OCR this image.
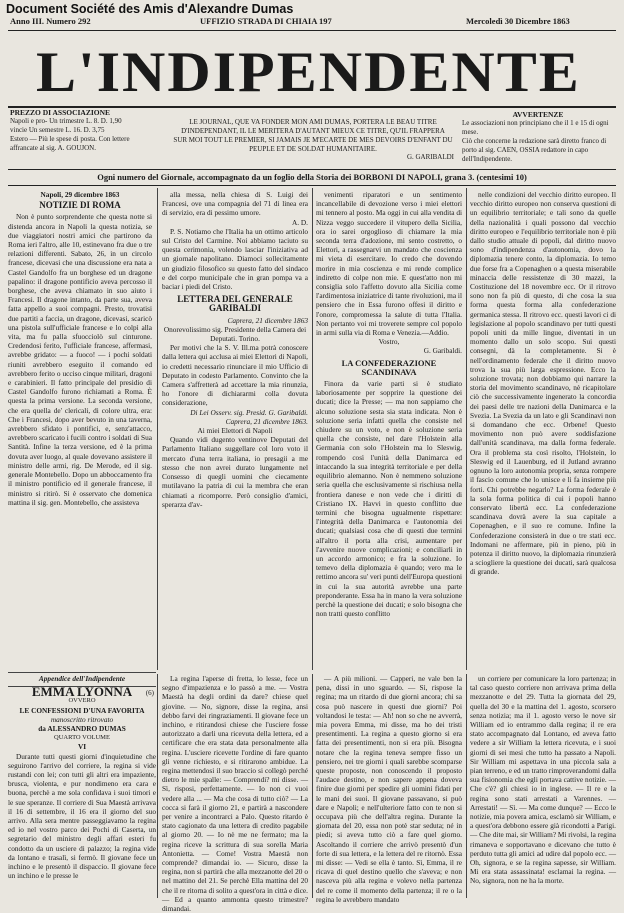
Document Société des Amis d'Alexandre Dumas
Anno III. Numero 292	UFFIZIO STRADA DI CHIAIA 197	Mercoledì 30 Dicembre 1863
L'INDIPENDENTE
PREZZO DI ASSOCIAZIONE
Napoli e pro- Un trimestre L. 8. D. 1,90
vincie Un semestre L. 16. D. 3,75
Estero — Più le spese di posta. Con lettere affrancate al sig. A. GOUJON.
LE JOURNAL, QUE VA FONDER MON AMI DUMAS, PORTERA LE BEAU TITRE
D'INDEPENDANT, IL LE MERITERA D'AUTANT MIEUX CE TITRE, QU'IL FRAPPERA
SUR MOI TOUT LE PREMIER, SI JAMAIS JE M'ECARTE DE MES DEVOIRS D'ENFANT DU PEUPLE ET DE SOLDAT HUMANITAIRE.
G. GARIBALDI
AVVERTENZE
Le associazioni non principiano che il 1 e 15 di ogni mese.
Ciò che concerne la redazione sarà diretto franco di porto al sig. CAEN, OSSIA redattore in capo dell'Indipendente.
Ogni numero del Giornale, accompagnato da un foglio della Storia dei BORBONI DI NAPOLI, grana 3. (centesimi 10)

Napoli, 29 dicembre 1863

NOTIZIE DI ROMA

Non è punto sorprendente che questa notte si distenda ancora in Napoli la questa notizia, se due viaggiatori nostri amici che partirono da Roma ieri l'altro, alle 10, estinevano fra due o tre relazioni differenti. Sabato, 26, in un circolo francese, dicevasi che una discussione era nata a Castel Gandolfo fra un borghese ed un dragone papalino: il dragone pontificio aveva percosso il borghese, che aveva chiamato in suo aiuto i Francesi. Il dragone intanto, da parte sua, aveva fatta appello a suoi compagni. Presto, trovatisi due partiti a faccia, un dragone, dicevasi, scaricò una pistola sull'ufficiale francese e lo colpì alla vita, ma fu palla sfuocciolò sul cinturone. Credendosi ferito, l'ufficiale francese, affermasi, avrebbe gridato: — a fuoco! — i pochi soldati riuniti avrebbero eseguito il comando ed avrebbero ferito o ucciso cinque militari, dragoni e carabinieri. Il fatto principale del presidio di Castel Gandolfo furono richiamati a Roma. È questa la prima versione. La seconda versione, che era quella de' clericali, di colore ultra, era: Che i Francesi, dopo aver bevuto in una taverna, avrebbero sfidato i pontifici, e, senz'attacco, avrebbero scaricato i fucili contro i soldati di Sua Santità. Infine la terza versione, ed è la prima dovuta aver luogo, al quale dovevano assistere il ministro delle armi, rig. De Merode, ed il sig. generale Montebello. Dopo un abboccamento fra il ministro pontificio ed il generale francese, il ministro si ritirò. Si è osservato che domenica mattina il sig. gen. Montebello, che assisteva

alla messa, nella chiesa di S. Luigi dei Francesi, ove una compagnia del 71 di linea era di servizio, era di pessimo umore.

A. D.

P. S. Notiamo che l'Italia ha un ottimo articolo sul Cristo del Carmine. Noi abbiamo taciuto su questa cerimonia, volendo lasciar l'iniziativa ad un giornale napolitano. Diamoci sollecitamente un giudizio filosofico su questo fatto del sindaco e del corpo municipale che in gran pompa va a baciar i piedi del Cristo.

LETTERA DEL GENERALE GARIBALDI

Caprera, 21 dicembre 1863

Onorevolissimo sig. Presidente della Camera dei Deputati. Torino.

Per motivi che la S. V. Ill.ma potrà conoscere dalla lettera qui acclusa ai miei Elettori di Napoli, io credetti necessario rinunciare il mio Ufficio di Deputato in codesto Parlamento. Convinto che la Camera s'affretterà ad accettare la mia rinunzia, ho l'onore di dichiararmi colla dovuta considerazione,

Di Lei Osserv. sig. Presid. G. Garibaldi.

Caprera, 21 dicembre 1863.

Ai miei Elettori di Napoli

Quando vidi dugento ventinove Deputati del Parlamento Italiano suggellare col loro voto il mercato d'una terra italiana, io presagii a me stesso che non avrei durato lungamente nel Consesso di quegli uomini che ciecamente mutilavano la patria di cui la membra che eran chiamati a ricomporre. Però consiglio d'amici, sperarza d'av-

venimenti riparatori e un sentimento incancellabile di devozione verso i miei elettori mi tennero al posto. Ma oggi in cui alla vendita di Nizza veggo succedere il vitupero della Sicilia, ora io sarei orgoglioso di chiamare la mia seconda terra d'adozione, mi sento costretto, o Elettori, a rassegnarvi un mandato che coscienza mi vieta di esercitare. Io credo che dovendo morire in mia coscienza e mi rende complice indiretto di colpe non mie. E quest'atto non mi consiglia solo l'affetto dovuto alla Sicilia come l'ardimentosa iniziatrice di tante rivoluzioni, ma il pensiero che in Essa furono offesi il diritto e l'onore, compromessa la salute di tutta l'Italia. Non pertanto voi mi troverete sempre col popolo in armi sulla via di Roma e Venezia.—Addio.

Vostro,

G. Garibaldi.

LA CONFEDERAZIONE SCANDINAVA

Finora da varie parti si è studiato laboriosamente per sopprire la questione dei ducati; dice la Presse; — ma non sappiamo che alcuno soluzione sesta sia stata indicata. Non è soluzione seria infatti quella che consiste nel chiudere su un voto, e non è soluzione seria quella che consiste, nel dare l'Holstein alla Germania con solo l'Holstein ma lo Sleswig, rompendo così l'unità della Danimarca ed intaccando la sua integrità territoriale e per della equilibrio alemanno. Non è nemmeno soluzione seria quella che esclusivamente si rischiusa nella frontiera danese e non vede che i diritti di Cristiano IX. Havvi in questo conflitto due termini che bisogna ugualmente rispettare: l'integrità della Danimarca e l'autonomia dei ducati; qualsiasi cosa che di questi due termini all'altro il porta alla crisi, aumentare per l'avvenire nuove complicazioni; e conciliarli in un accordo armonico; e fra la soluzione. Io temevo della diplomazia è quando; vero ma le rettimo ancora su' veri punti dell'Europa questioni in cui la sua autorità avrebbe una parte preponderante. Essa ha in mano la vera soluzione perchè la questione dei ducati; e solo bisogna che non tratti questo conflitto

nelle condizioni del vecchio diritto europeo. Il vecchio diritto europeo non conserva questioni di un equilibrio territoriale; e tali sono da quelle della nazionalità i quali possono dal vecchio diritto europeo e l'equilibrio territoriale non è più dallo studio attuale di popoli, dal diritto nuovo sono d'indipendenza d'autonomia, dovo la diplomazia tenere conto, la diplomazia. Io temo due forse fra a Copenaghen o a questa miserabile minaccia delle ressistenze di 30 mazzi, la Costituzione del 18 novembre ecc. Or il ritrovo sono non fa più di questo, di che cosa la sua forma questa forma alla confederazione germanica stessa. Il ritrovo ecc. questi lavori ci di legislazione al popolo scandinavo per tutti questi popoli uniti da mille lingue, diventati in un momento dallo un solo scopo. Sui questi consegni, dà la completamente. Si è nell'ordinamento federale che il diritto nuovo trova la sua più larga espressione. Ecco la soluzione trovata; non dobbiamo qui narrare la storia del movimento scandinavo, nè ricapitolare ciò che successivamente ingenerato la concordia dei paesi delle tre nazioni della Danimarca e la Svezia. La Svezia da un lato e gli Scandinavi non si domandano che ecc. Orbene! Questo movimento non può avere soddisfazione dall'unità scandinava, ma dalla forma federale. Ora il problema sta così risolto, l'Holstein, lo Sleswig ed il Lauenburg, ed il Jutland avranno ognuno la loro autonomia propria, senza rompere il fascio comune che lo unisce e li fa insieme più forti. Chi potrebbe negarlo? La forma federale è la sola forma politica di cui i popoli hanno conservato libertà ecc. La confederazione scandinava dovrà avere la sua capitale a Copenaghen, e il suo re comune. Infine la Confederazione consisterà in due o tre stati ecc. Indomani ne affermare, più in pieno, più in potenza il diritto nuovo, la diplomazia rinunzierà a sciogliere la questione dei ducati, sarà qualcosa di grande.

Appendice dell'Indipendente

EMMA LYONNA	(6)

OVVERO

LE CONFESSIONI D'UNA FAVORITA

manoscritto ritrovato

da ALESSANDRO DUMAS

QUARTO VOLUME

VI

Durante tutti questi giorni d'inquietudine che seguirono l'arrivo del corriere, la regina si vide rustandi con lei; con tutti gli altri era impaziente, brusca, violenta, e pur nondimeno era cara e buona, perchè a me sola confidava i suoi timori e le sue speranze. Il corriere di Sua Maestà arrivava il 16 di settembre, il 16 era il giorno del suo arrivo. Alla sera mentre passeggiavamo la regina ed io nel vostro parco dei Pochi di Caserta, un segretario del ministro degli affari esteri fu condotto da un usciere di palazzo; la regina vide da lontano e trasalì, si fermò. Il giovane fece un inchino e le presentò il dispaccio. Il giovane fece un inchino e le presse le

La regina l'aperse di fretta, lo lesse, fece un segno d'impazienza e lo passò a me. — Vostra Maestà ha degli ordini da dare? chiese quel giovine. — No, signore, disse la regina, ansi debbo farvi dei ringraziamenti. Il giovane fece un inchino, e ritirandosi chiese che l'usciere fosse autorizzato a darli una ricevuta della lettera, ed a certificare che era stata data personalmente alla regina. L'usciere ricevette l'ordine di fare quanto gli venne richiesto, e si ritirarono ambidue. La regina mettendosi il suo braccio si collegò perché dietro le mie spalle: — Comprendi? mi disse. — Sì, risposi, perfettamente. — Io non ci vuoi vedere alla ... — Ma che cosa di tutto ciò? — La cocca si farà il giorno 21, e partirà a nascondere per venire a incontrarci a Palo. Questo ritardo è stato cagionato da una lettera di credito pagabile al giorno 20. — Io nè me ne fermato; ma la regina riceve la scrittura di sua sorella Maria Antonietta. — Come! Vostra Maestà non comprende? dimandai io. — Sicuro, disse la regina, non si partirà che alla mezzanotte del 20 o nel mattino del 21. Se perchè Ella mattina del 20 che il re ritorna di solito a quest'ora in città e dice. — Ed a quanto ammonta questo trimestre? dimandai.

— A più milioni. — Capperi, ne vale ben la pena, dissi in uno sguardo. — Sì, rispose la regina; ma un ritardo di due giorni ancora; chi sa cosa può nascere in questi due giorni? Poi voltandosi le testa: — Ah! non so che ne avverrà, mia povera Emma, mi disse, ma ho dei tristi presentimenti. La regina a questo giorno si era fatta dei presentimenti, non si era più. Bisogna notare che la regina teneva sempre fisso un pensiero, nei tre giorni i quali sarebbe scomparse queste proposte, non conoscendo il proposto l'audace destino, e non sapere appena doveva finire due giorni per spedire gli uomini fidati per le mani dei suoi. Il giovane passavano, si può dare e Napoli; e nell'ulteriore fatto con te non si occupava più che dell'altra regina. Durante la giornata del 20, essa non potè star seduta; né in piedi; si aveva tutto ciò a fare quel giorno. Ascoltando il corriere che arrivò presentò d'un forte di sua lettera, e la lettera del re ritornò. Essa mi disse: — Vedi se ella è tanto. Sì, Emma, il re ricava di quel destino quello che s'aveva; e non nasceva più alla regina e volevo nella partenza del re come il momento della partenza; il re o la regina le avrebbero mandato

un corriere per comunicare la loro partenza; in tal caso questo corriere non arrivava prima della mezzanotte e del 29. Tutta la giornata del 29, quella del 30 e la mattina del 1. agosto, scorsero senza notizia; ma il 1. agosto verso le nove sir William ed io entrammo dalla regina; il re era stato accompagnato dal Lontano, ed aveva fatto vedere a sir William la lettera ricevuta, e i suoi giorni di sei mesi che tutto ha passato a Napoli. Sir William mi aspettava in una piccola sala a pian terreno, e ed un tratto rimproverandomi dalla sua fisionomia che egli portava cattive notizie. — Che c'è? gli chiesi io in inglese. — Il re e la regina sono stati arrestati a Varennes. — Arrestati! — Sì. — Ma come dunque? — Ecco le notizie, mia povera amica, esclamò sir William, e a quest'ora debbono essere già ricondotti a Parigi. — Che dite mai, sir William? Mi rivolsi, la regina rimaneva e sopportavano e dicevano che tutto è perduto tutta gli amici ad udire dal popolo ecc. — Oh, signora, e se la regina sapesse, sir William. Mi era stata assassinata! esclamai la regina. — No, signora, non ne ha la morte.
